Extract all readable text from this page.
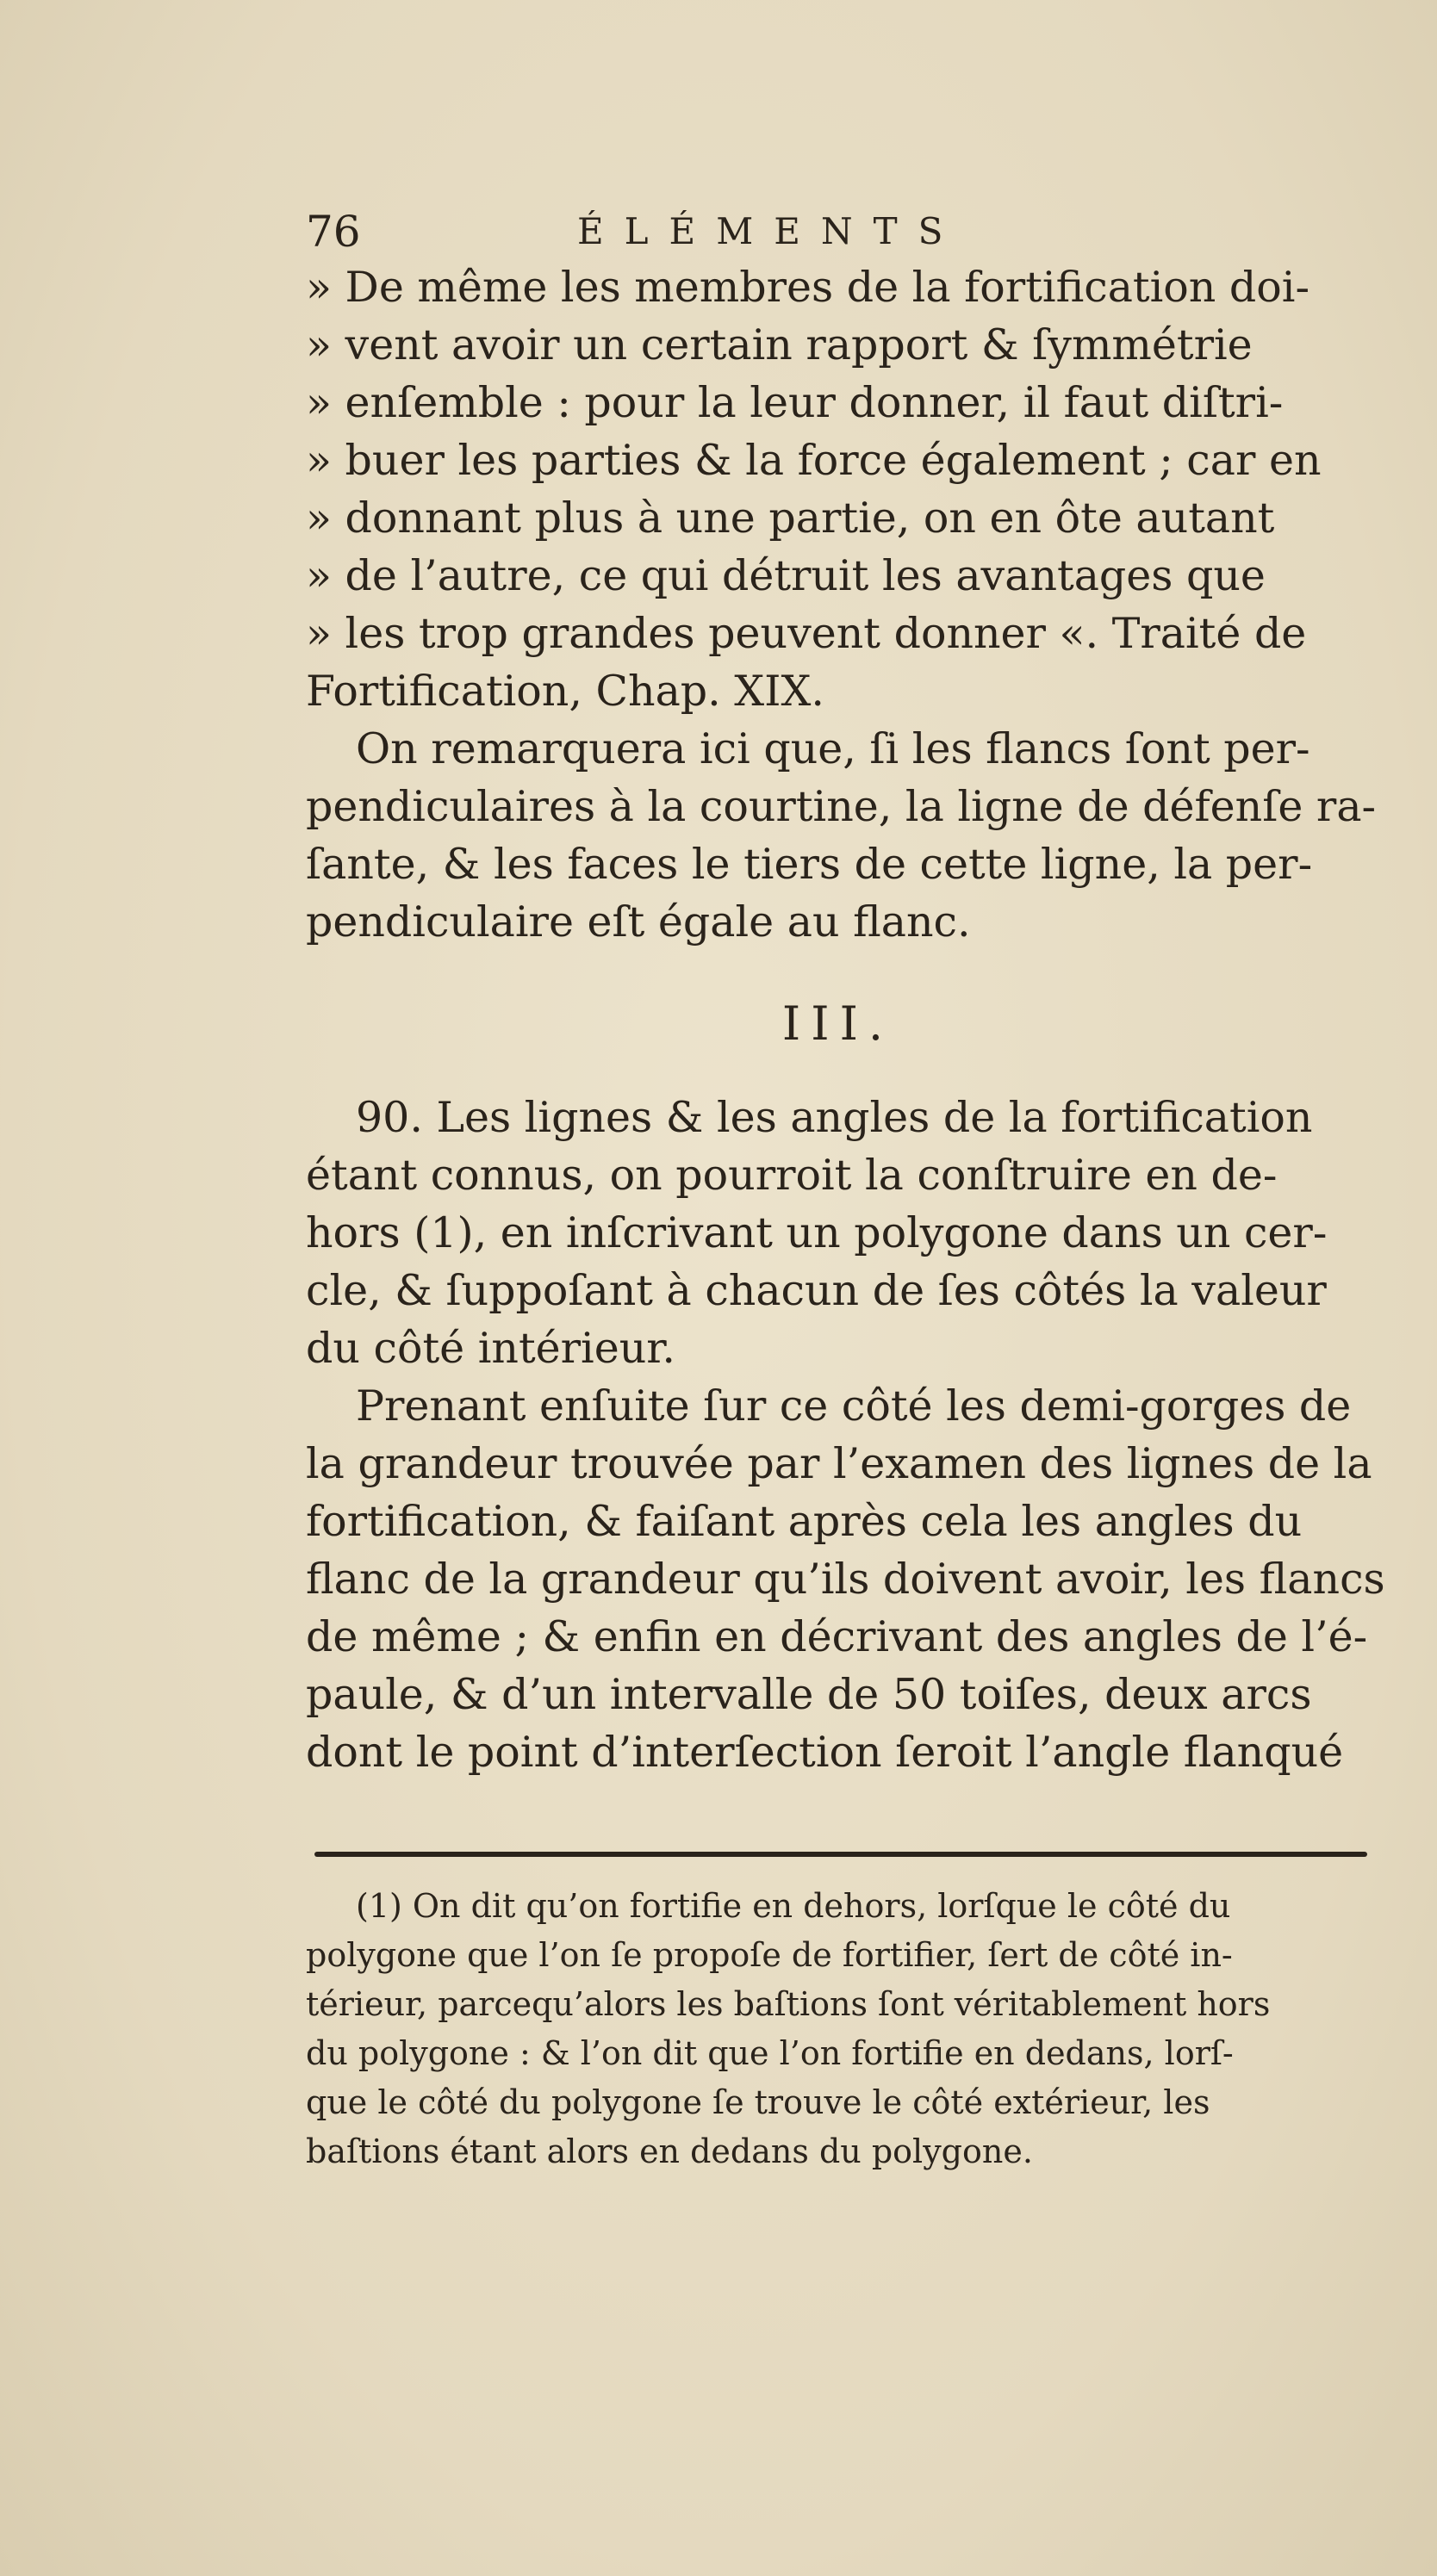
76	ÉLÉMENTS
» De même les membres de la fortification doi-
» vent avoir un certain rapport & ſymmétrie
» enſemble : pour la leur donner, il faut diſtri-
» buer les parties & la force également ; car en
» donnant plus à une partie, on en ôte autant
» de l’autre, ce qui détruit les avantages que
» les trop grandes peuvent donner «. Traité de
Fortification, Chap. XIX.
On remarquera ici que, ſi les flancs ſont per-
pendiculaires à la courtine, la ligne de défenſe ra-
ſante, & les faces le tiers de cette ligne, la per-
pendiculaire eſt égale au flanc.
III.
90. Les lignes & les angles de la fortification
étant connus, on pourroit la conſtruire en de-
hors (1), en inſcrivant un polygone dans un cer-
cle, & ſuppoſant à chacun de ſes côtés la valeur
du côté intérieur.
Prenant enſuite ſur ce côté les demi-gorges de
la grandeur trouvée par l’examen des lignes de la
fortification, & faiſant après cela les angles du
flanc de la grandeur qu’ils doivent avoir, les flancs
de même ; & enfin en décrivant des angles de l’é-
paule, & d’un intervalle de 50 toiſes, deux arcs
dont le point d’interſection ſeroit l’angle flanqué
(1) On dit qu’on fortifie en dehors, lorſque le côté du
polygone que l’on ſe propoſe de fortifier, ſert de côté in-
térieur, parcequ’alors les baſtions ſont véritablement hors
du polygone : & l’on dit que l’on fortifie en dedans, lorſ-
que le côté du polygone ſe trouve le côté extérieur, les
baſtions étant alors en dedans du polygone.
